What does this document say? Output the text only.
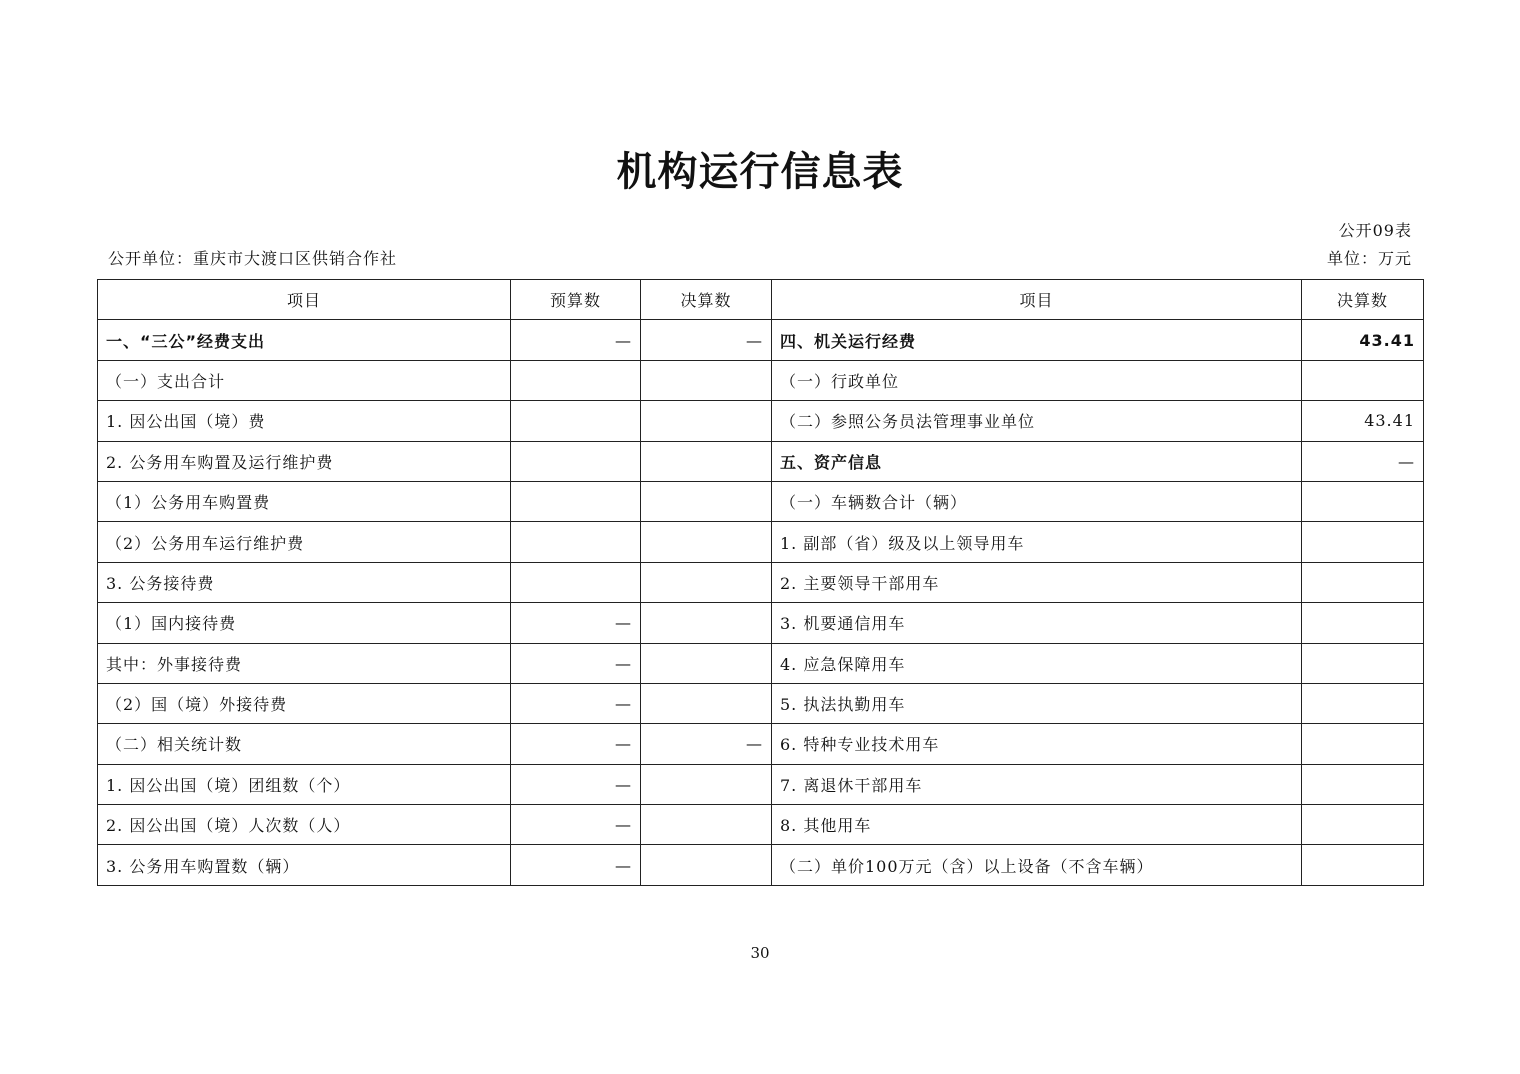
机构运行信息表
公开09表
公开单位：重庆市大渡口区供销合作社	单位：万元
项目	预算数	决算数	项目	决算数
一、“三公”经费支出	—	—	四、机关运行经费	43.41
（一）支出合计			（一）行政单位	
1. 因公出国（境）费			（二）参照公务员法管理事业单位	43.41
2. 公务用车购置及运行维护费			五、资产信息	—
（1）公务用车购置费			（一）车辆数合计（辆）	
（2）公务用车运行维护费			1. 副部（省）级及以上领导用车	
3. 公务接待费			2. 主要领导干部用车	
（1）国内接待费	—		3. 机要通信用车	
其中：外事接待费	—		4. 应急保障用车	
（2）国（境）外接待费	—		5. 执法执勤用车	
（二）相关统计数	—	—	6. 特种专业技术用车	
1. 因公出国（境）团组数（个）	—		7. 离退休干部用车	
2. 因公出国（境）人次数（人）	—		8. 其他用车	
3. 公务用车购置数（辆）	—		（二）单价100万元（含）以上设备（不含车辆）	
30
